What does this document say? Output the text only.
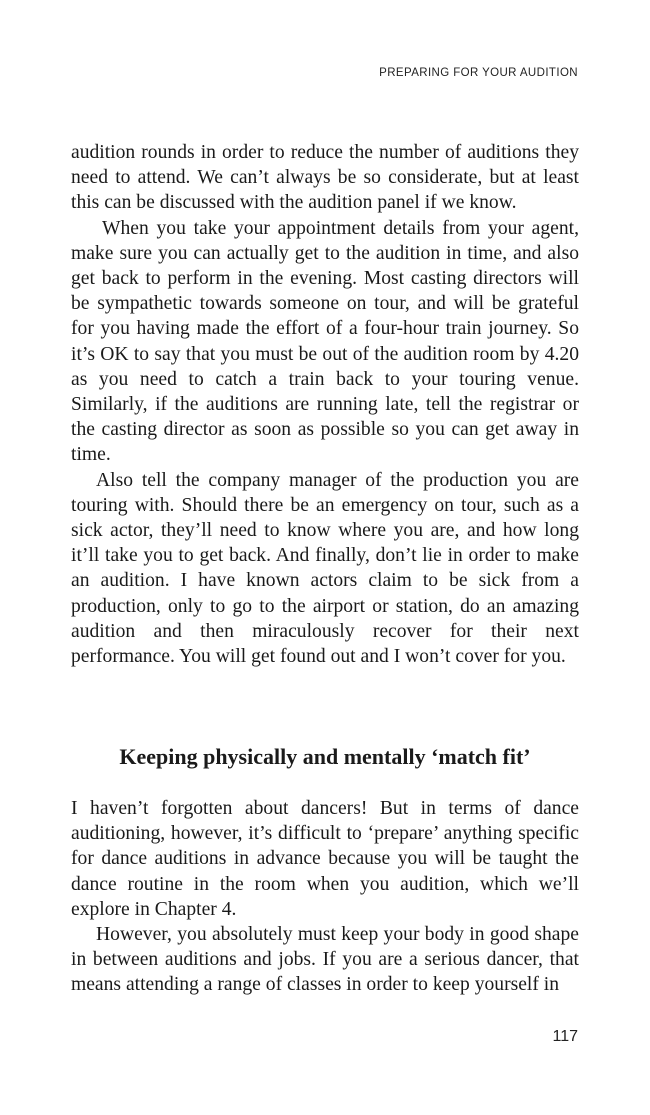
PREPARING FOR YOUR AUDITION

audition rounds in order to reduce the number of auditions they need to attend. We can’t always be so considerate, but at least this can be discussed with the audition panel if we know.

When you take your appointment details from your agent, make sure you can actually get to the audition in time, and also get back to perform in the evening. Most casting directors will be sympathetic towards someone on tour, and will be grateful for you having made the effort of a four-hour train journey. So it’s OK to say that you must be out of the audition room by 4.20 as you need to catch a train back to your touring venue. Similarly, if the auditions are running late, tell the registrar or the casting director as soon as possible so you can get away in time.

Also tell the company manager of the production you are touring with. Should there be an emergency on tour, such as a sick actor, they’ll need to know where you are, and how long it’ll take you to get back. And finally, don’t lie in order to make an audition. I have known actors claim to be sick from a production, only to go to the airport or station, do an amazing audition and then miraculously recover for their next performance. You will get found out and I won’t cover for you.

Keeping physically and mentally ‘match fit’

I haven’t forgotten about dancers! But in terms of dance auditioning, however, it’s difficult to ‘prepare’ anything specific for dance auditions in advance because you will be taught the dance routine in the room when you audition, which we’ll explore in Chapter 4.

However, you absolutely must keep your body in good shape in between auditions and jobs. If you are a serious dancer, that means attending a range of classes in order to keep yourself in

117
